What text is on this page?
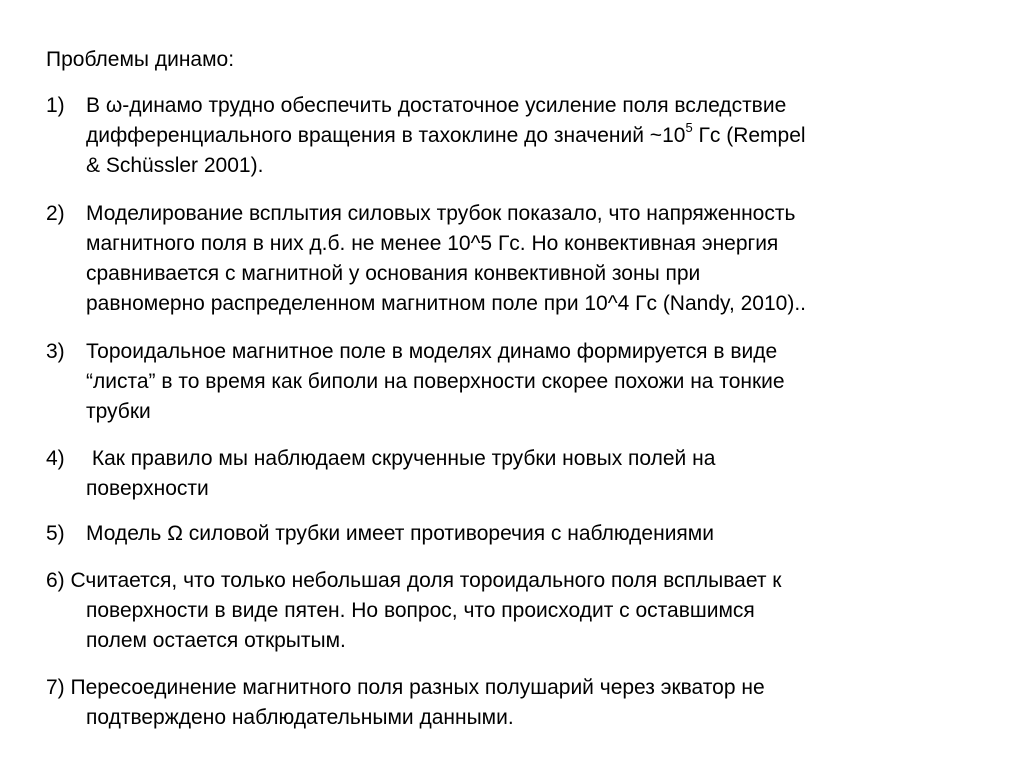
Проблемы динамо:
1) В ω-динамо трудно обеспечить достаточное усиление поля вследствие
дифференциального вращения в тахоклине до значений $\sim 10^5$ Гс (Rempel
& Schüssler 2001).
2) Моделирование всплытия силовых трубок показало, что напряженность
магнитного поля в них д.б. не менее 10^5 Гс. Но конвективная энергия
сравнивается с магнитной у основания конвективной зоны при
равномерно распределенном магнитном поле при 10^4 Гс (Nandy, 2010)..
3) Тороидальное магнитное поле в моделях динамо формируется в виде
“листа” в то время как биполи на поверхности скорее похожи на тонкие
трубки
4) Как правило мы наблюдаем скрученные трубки новых полей на
поверхности
5) Модель Ω силовой трубки имеет противоречия с наблюдениями
6) Считается, что только небольшая доля тороидального поля всплывает к
поверхности в виде пятен. Но вопрос, что происходит с оставшимся
полем остается открытым.
7) Пересоединение магнитного поля разных полушарий через экватор не
подтверждено наблюдательными данными.
